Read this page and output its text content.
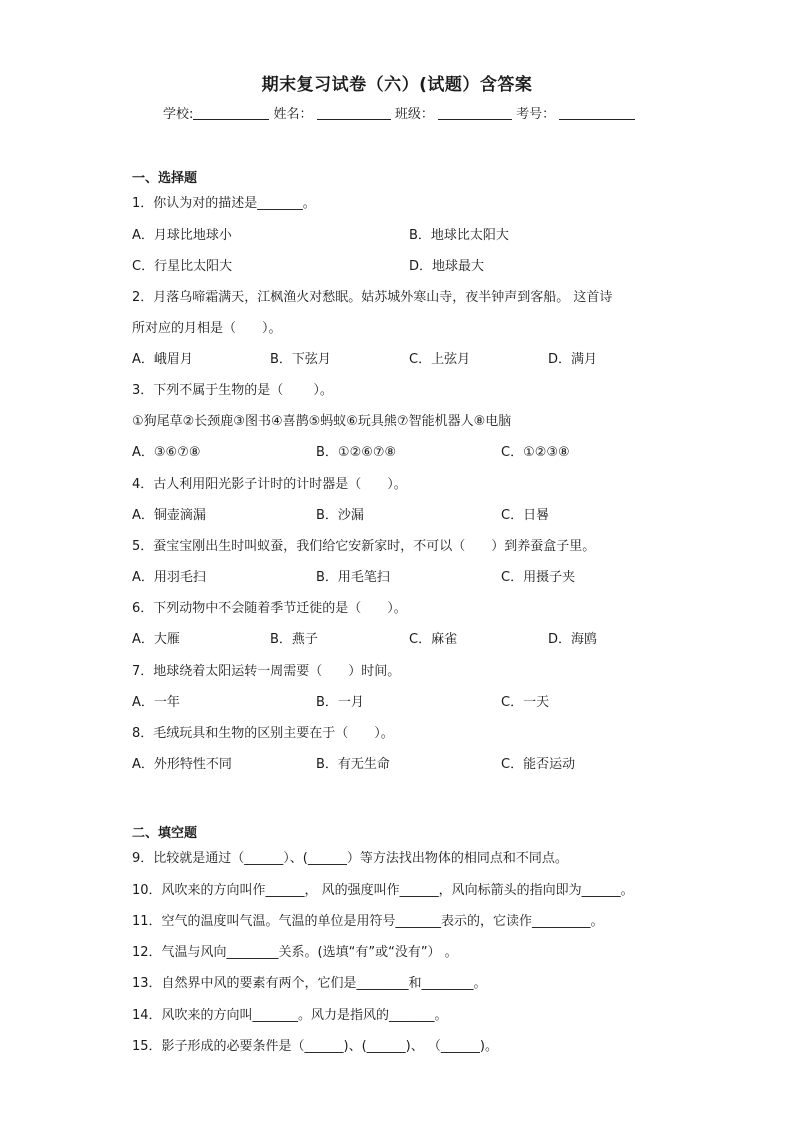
期末复习试卷（六）(试题）含答案
学校:	姓名：	班级：	考号：
一、选择题
1．你认为对的描述是_______。
A．月球比地球小	B．地球比太阳大
C．行星比太阳大	D．地球最大
2．月落乌啼霜满天，江枫渔火对愁眠。姑苏城外寒山寺，夜半钟声到客船。 这首诗
所对应的月相是（　　）。
A．峨眉月	B．下弦月	C．上弦月	D．满月
3．下列不属于生物的是（　　 ）。
①狗尾草②长颈鹿③图书④喜鹊⑤蚂蚁⑥玩具熊⑦智能机器人⑧电脑
A．③⑥⑦⑧	B．①②⑥⑦⑧	C．①②③⑧
4．古人利用阳光影子计时的计时器是（　　）。
A．铜壶滴漏	B．沙漏	C．日晷
5．蚕宝宝刚出生时叫蚁蚕，我们给它安新家时，不可以（　　）到养蚕盒子里。
A．用羽毛扫	B．用毛笔扫	C．用摄子夹
6．下列动物中不会随着季节迁徙的是（　　）。
A．大雁	B．燕子	C．麻雀	D．海鸥
7．地球绕着太阳运转一周需要（　　）时间。
A．一年	B．一月	C．一天
8．毛绒玩具和生物的区别主要在于（　　）。
A．外形特性不同	B．有无生命	C．能否运动
二、填空题
9．比较就是通过（______）、(______）等方法找出物体的相同点和不同点。
10．风吹来的方向叫作______， 风的强度叫作______，风向标箭头的指向即为______。
11．空气的温度叫气温。气温的单位是用符号_______表示的，它读作_________。
12．气温与风向________关系。(选填“有”或“没有”） 。
13．自然界中风的要素有两个，它们是________和________。
14．风吹来的方向叫_______。风力是指风的_______。
15．影子形成的必要条件是（______)、(______)、 （______)。
